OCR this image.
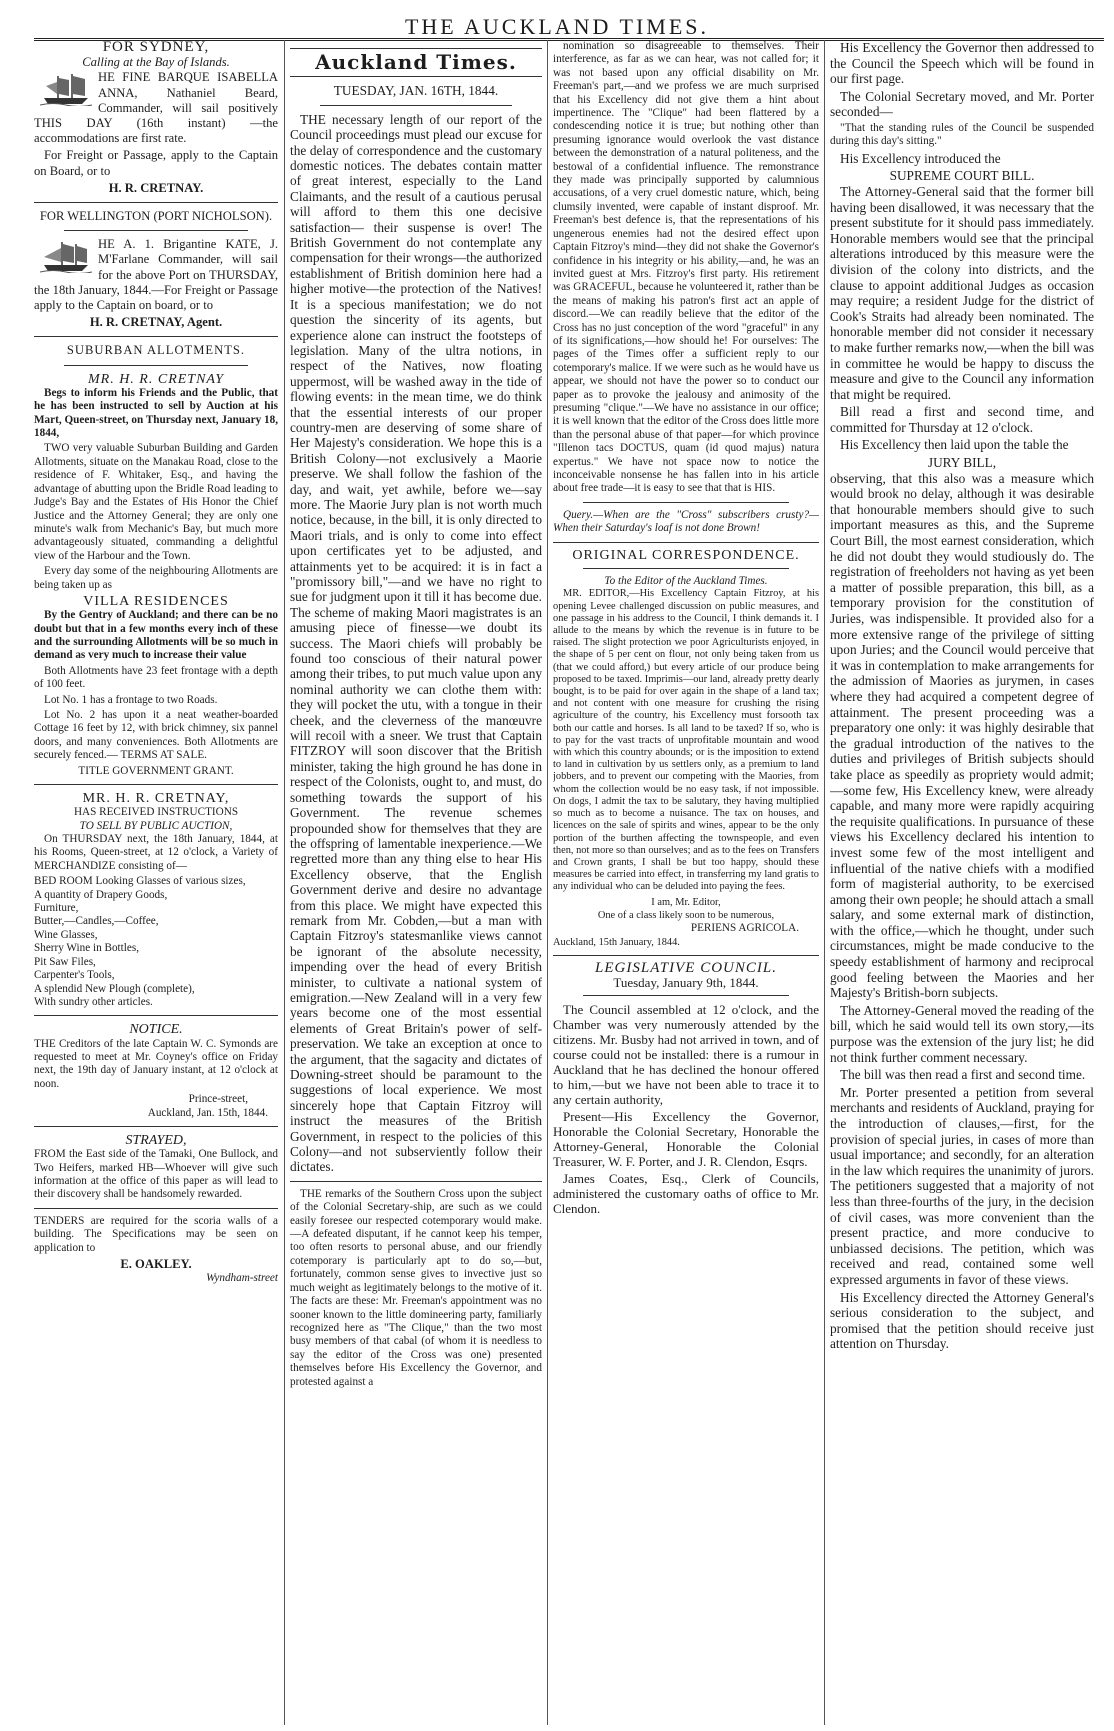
THE AUCKLAND TIMES.
FOR SYDNEY,
Calling at the Bay of Islands.

HE FINE BARQUE ISABELLA ANNA, Nathaniel Beard, Commander, will sail positively THIS DAY (16th instant) —the accommodations are first rate.

For Freight or Passage, apply to the Captain on Board, or to

H. R. CRETNAY.

FOR WELLINGTON (PORT NICHOLSON).

HE A. 1. Brigantine KATE, J. M'Farlane Commander, will sail for the above Port on THURSDAY, the 18th January, 1844.—For Freight or Passage apply to the Captain on board, or to

H. R. CRETNAY, Agent.

SUBURBAN ALLOTMENTS.
MR. H. R. CRETNAY

Begs to inform his Friends and the Public, that he has been instructed to sell by Auction at his Mart, Queen-street, on Thursday next, January 18, 1844,

TWO very valuable Suburban Building and Garden Allotments, situate on the Manakau Road, close to the residence of F. Whitaker, Esq., and having the advantage of abutting upon the Bridle Road leading to Judge's Bay and the Estates of His Honor the Chief Justice and the Attorney General; they are only one minute's walk from Mechanic's Bay, but much more advantageously situated, commanding a delightful view of the Harbour and the Town.

Every day some of the neighbouring Allotments are being taken up as

VILLA RESIDENCES

By the Gentry of Auckland; and there can be no doubt but that in a few months every inch of these and the surrounding Allotments will be so much in demand as very much to increase their value

Both Allotments have 23 feet frontage with a depth of 100 feet.

Lot No. 1 has a frontage to two Roads.

Lot No. 2 has upon it a neat weather-boarded Cottage 16 feet by 12, with brick chimney, six pannel doors, and many conveniences. Both Allotments are securely fenced.— TERMS AT SALE.

TITLE GOVERNMENT GRANT.
MR. H. R. CRETNAY,
HAS RECEIVED INSTRUCTIONS
TO SELL BY PUBLIC AUCTION,

On THURSDAY next, the 18th January, 1844, at his Rooms, Queen-street, at 12 o'clock, a Variety of MERCHANDIZE consisting of—

BED ROOM Looking Glasses of various sizes,
A quantity of Drapery Goods,
Furniture,
Butter,—Candles,—Coffee,
Wine Glasses,
Sherry Wine in Bottles,
Pit Saw Files,
Carpenter's Tools,
A splendid New Plough (complete),
With sundry other articles.
NOTICE.

THE Creditors of the late Captain W. C. Symonds are requested to meet at Mr. Coyney's office on Friday next, the 19th day of January instant, at 12 o'clock at noon.

Prince-street,
Auckland, Jan. 15th, 1844.
STRAYED,

FROM the East side of the Tamaki, One Bullock, and Two Heifers, marked HB—Whoever will give such information at the office of this paper as will lead to their discovery shall be handsomely rewarded.

TENDERS are required for the scoria walls of a building. The Specifications may be seen on application to

E. OAKLEY.
Wyndham-street
Auckland Times.
TUESDAY, JAN. 16TH, 1844.

THE necessary length of our report of the Council proceedings must plead our excuse for the delay of correspondence and the customary domestic notices. The debates contain matter of great interest, especially to the Land Claimants, and the result of a cautious perusal will afford to them this one decisive satisfaction— their suspense is over! The British Government do not contemplate any compensation for their wrongs—the authorized establishment of British dominion here had a higher motive—the protection of the Natives! It is a specious manifestation; we do not question the sincerity of its agents, but experience alone can instruct the footsteps of legislation. Many of the ultra notions, in respect of the Natives, now floating uppermost, will be washed away in the tide of flowing events: in the mean time, we do think that the essential interests of our proper country-men are deserving of some share of Her Majesty's consideration. We hope this is a British Colony—not exclusively a Maorie preserve. We shall follow the fashion of the day, and wait, yet awhile, before we—say more. The Maorie Jury plan is not worth much notice, because, in the bill, it is only directed to Maori trials, and is only to come into effect upon certificates yet to be adjusted, and attainments yet to be acquired: it is in fact a "promissory bill,"—and we have no right to sue for judgment upon it till it has become due. The scheme of making Maori magistrates is an amusing piece of finesse—we doubt its success. The Maori chiefs will probably be found too conscious of their natural power among their tribes, to put much value upon any nominal authority we can clothe them with: they will pocket the utu, with a tongue in their cheek, and the cleverness of the manœuvre will recoil with a sneer. We trust that Captain FITZROY will soon discover that the British minister, taking the high ground he has done in respect of the Colonists, ought to, and must, do something towards the support of his Government. The revenue schemes propounded show for themselves that they are the offspring of lamentable inexperience.—We regretted more than any thing else to hear His Excellency observe, that the English Government derive and desire no advantage from this place. We might have expected this remark from Mr. Cobden,—but a man with Captain Fitzroy's statesmanlike views cannot be ignorant of the absolute necessity, impending over the head of every British minister, to cultivate a national system of emigration.—New Zealand will in a very few years become one of the most essential elements of Great Britain's power of self-preservation. We take an exception at once to the argument, that the sagacity and dictates of Downing-street should be paramount to the suggestions of local experience. We most sincerely hope that Captain Fitzroy will instruct the measures of the British Government, in respect to the policies of this Colony—and not subserviently follow their dictates.

THE remarks of the Southern Cross upon the subject of the Colonial Secretary-ship, are such as we could easily foresee our respected cotemporary would make.—A defeated disputant, if he cannot keep his temper, too often resorts to personal abuse, and our friendly cotemporary is particularly apt to do so,—but, fortunately, common sense gives to invective just so much weight as legitimately belongs to the motive of it. The facts are these: Mr. Freeman's appointment was no sooner known to the little domineering party, familiarly recognized here as "The Clique," than the two most busy members of that cabal (of whom it is needless to say the editor of the Cross was one) presented themselves before His Excellency the Governor, and protested against a

nomination so disagreeable to themselves. Their interference, as far as we can hear, was not called for; it was not based upon any official disability on Mr. Freeman's part,—and we profess we are much surprised that his Excellency did not give them a hint about impertinence. The "Clique" had been flattered by a condescending notice it is true; but nothing other than presuming ignorance would overlook the vast distance between the demonstration of a natural politeness, and the bestowal of a confidential influence. The remonstrance they made was principally supported by calumnious accusations, of a very cruel domestic nature, which, being clumsily invented, were capable of instant disproof. Mr. Freeman's best defence is, that the representations of his ungenerous enemies had not the desired effect upon Captain Fitzroy's mind—they did not shake the Governor's confidence in his integrity or his ability,—and, he was an invited guest at Mrs. Fitzroy's first party. His retirement was GRACEFUL, because he volunteered it, rather than be the means of making his patron's first act an apple of discord.—We can readily believe that the editor of the Cross has no just conception of the word "graceful" in any of its significations,—how should he! For ourselves: The pages of the Times offer a sufficient reply to our cotemporary's malice. If we were such as he would have us appear, we should not have the power so to conduct our paper as to provoke the jealousy and animosity of the presuming "clique."—We have no assistance in our office; it is well known that the editor of the Cross does little more than the personal abuse of that paper—for which province "Illenon tacs DOCTUS, quam (id quod majus) natura expertus." We have not space now to notice the inconceivable nonsense he has fallen into in his article about free trade—it is easy to see that that is HIS.

Query.—When are the "Cross" subscribers crusty?—When their Saturday's loaf is not done Brown!

ORIGINAL CORRESPONDENCE.
To the Editor of the Auckland Times.

MR. EDITOR,—His Excellency Captain Fitzroy, at his opening Levee challenged discussion on public measures, and one passage in his address to the Council, I think demands it. I allude to the means by which the revenue is in future to be raised. The slight protection we poor Agriculturists enjoyed, in the shape of 5 per cent on flour, not only being taken from us (that we could afford,) but every article of our produce being proposed to be taxed. Imprimis—our land, already pretty dearly bought, is to be paid for over again in the shape of a land tax; and not content with one measure for crushing the rising agriculture of the country, his Excellency must forsooth tax both our cattle and horses. Is all land to be taxed? If so, who is to pay for the vast tracts of unprofitable mountain and wood with which this country abounds; or is the imposition to extend to land in cultivation by us settlers only, as a premium to land jobbers, and to prevent our competing with the Maories, from whom the collection would be no easy task, if not impossible. On dogs, I admit the tax to be salutary, they having multiplied so much as to become a nuisance. The tax on houses, and licences on the sale of spirits and wines, appear to be the only portion of the burthen affecting the townspeople, and even then, not more so than ourselves; and as to the fees on Transfers and Crown grants, I shall be but too happy, should these measures be carried into effect, in transferring my land gratis to any individual who can be deluded into paying the fees.

I am, Mr. Editor,
One of a class likely soon to be numerous,
PERIENS AGRICOLA.
Auckland, 15th January, 1844.
LEGISLATIVE COUNCIL.
Tuesday, January 9th, 1844.

The Council assembled at 12 o'clock, and the Chamber was very numerously attended by the citizens. Mr. Busby had not arrived in town, and of course could not be installed: there is a rumour in Auckland that he has declined the honour offered to him,—but we have not been able to trace it to any certain authority,

Present—His Excellency the Governor, Honorable the Colonial Secretary, Honorable the Attorney-General, Honorable the Colonial Treasurer, W. F. Porter, and J. R. Clendon, Esqrs.

James Coates, Esq., Clerk of Councils, administered the customary oaths of office to Mr. Clendon.

His Excellency the Governor then addressed to the Council the Speech which will be found in our first page.

The Colonial Secretary moved, and Mr. Porter seconded—

"That the standing rules of the Council be suspended during this day's sitting."

His Excellency introduced the

SUPREME COURT BILL.

The Attorney-General said that the former bill having been disallowed, it was necessary that the present substitute for it should pass immediately. Honorable members would see that the principal alterations introduced by this measure were the division of the colony into districts, and the clause to appoint additional Judges as occasion may require; a resident Judge for the district of Cook's Straits had already been nominated. The honorable member did not consider it necessary to make further remarks now,—when the bill was in committee he would be happy to discuss the measure and give to the Council any information that might be required.

Bill read a first and second time, and committed for Thursday at 12 o'clock.

His Excellency then laid upon the table the

JURY BILL,

observing, that this also was a measure which would brook no delay, although it was desirable that honourable members should give to such important measures as this, and the Supreme Court Bill, the most earnest consideration, which he did not doubt they would studiously do. The registration of freeholders not having as yet been a matter of possible preparation, this bill, as a temporary provision for the constitution of Juries, was indispensible. It provided also for a more extensive range of the privilege of sitting upon Juries; and the Council would perceive that it was in contemplation to make arrangements for the admission of Maories as jurymen, in cases where they had acquired a competent degree of attainment. The present proceeding was a preparatory one only: it was highly desirable that the gradual introduction of the natives to the duties and privileges of British subjects should take place as speedily as propriety would admit;—some few, His Excellency knew, were already capable, and many more were rapidly acquiring the requisite qualifications. In pursuance of these views his Excellency declared his intention to invest some few of the most intelligent and influential of the native chiefs with a modified form of magisterial authority, to be exercised among their own people; he should attach a small salary, and some external mark of distinction, with the office,—which he thought, under such circumstances, might be made conducive to the speedy establishment of harmony and reciprocal good feeling between the Maories and her Majesty's British-born subjects.

The Attorney-General moved the reading of the bill, which he said would tell its own story,—its purpose was the extension of the jury list; he did not think further comment necessary.

The bill was then read a first and second time.

Mr. Porter presented a petition from several merchants and residents of Auckland, praying for the introduction of clauses,—first, for the provision of special juries, in cases of more than usual importance; and secondly, for an alteration in the law which requires the unanimity of jurors. The petitioners suggested that a majority of not less than three-fourths of the jury, in the decision of civil cases, was more convenient than the present practice, and more conducive to unbiassed decisions. The petition, which was received and read, contained some well expressed arguments in favor of these views.

His Excellency directed the Attorney General's serious consideration to the subject, and promised that the petition should receive just attention on Thursday.
